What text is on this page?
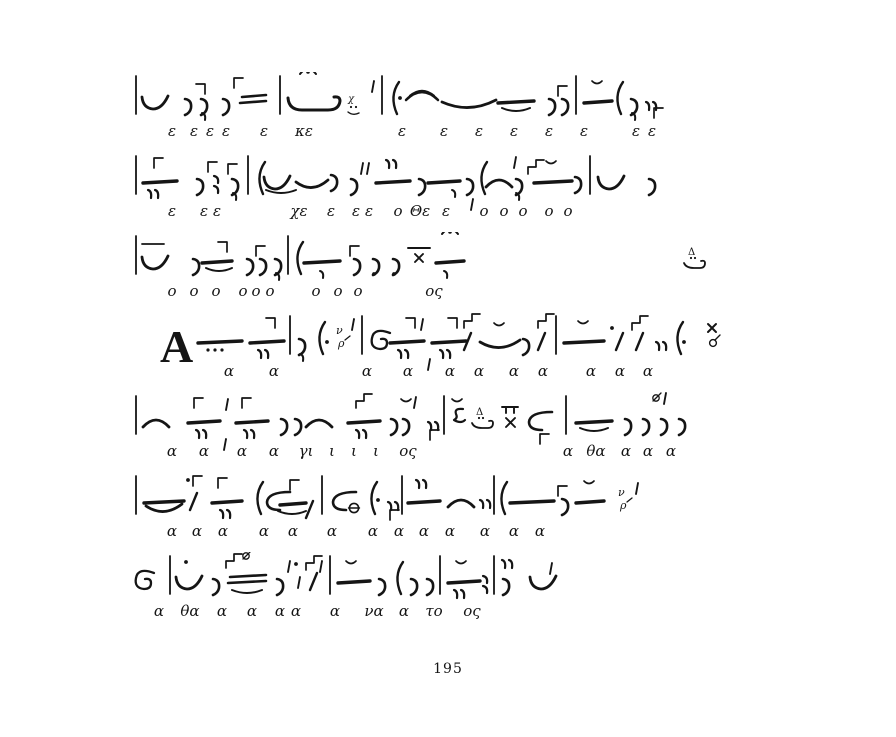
ε ε ε ε ε κε	ε ε ε ε ε ε	ε ε
ε ε ε	χε ε ε ε ο Θε ε ο ο ο ο ο
ο ο ο ο ο ο ο ο ο	ος
α α	α α α α α α	α α α
A
α α α α γι ι ι ι ος	α θα α α α
α α α α α α α α α α α α α
α θα α α α α α να α το ος
195
